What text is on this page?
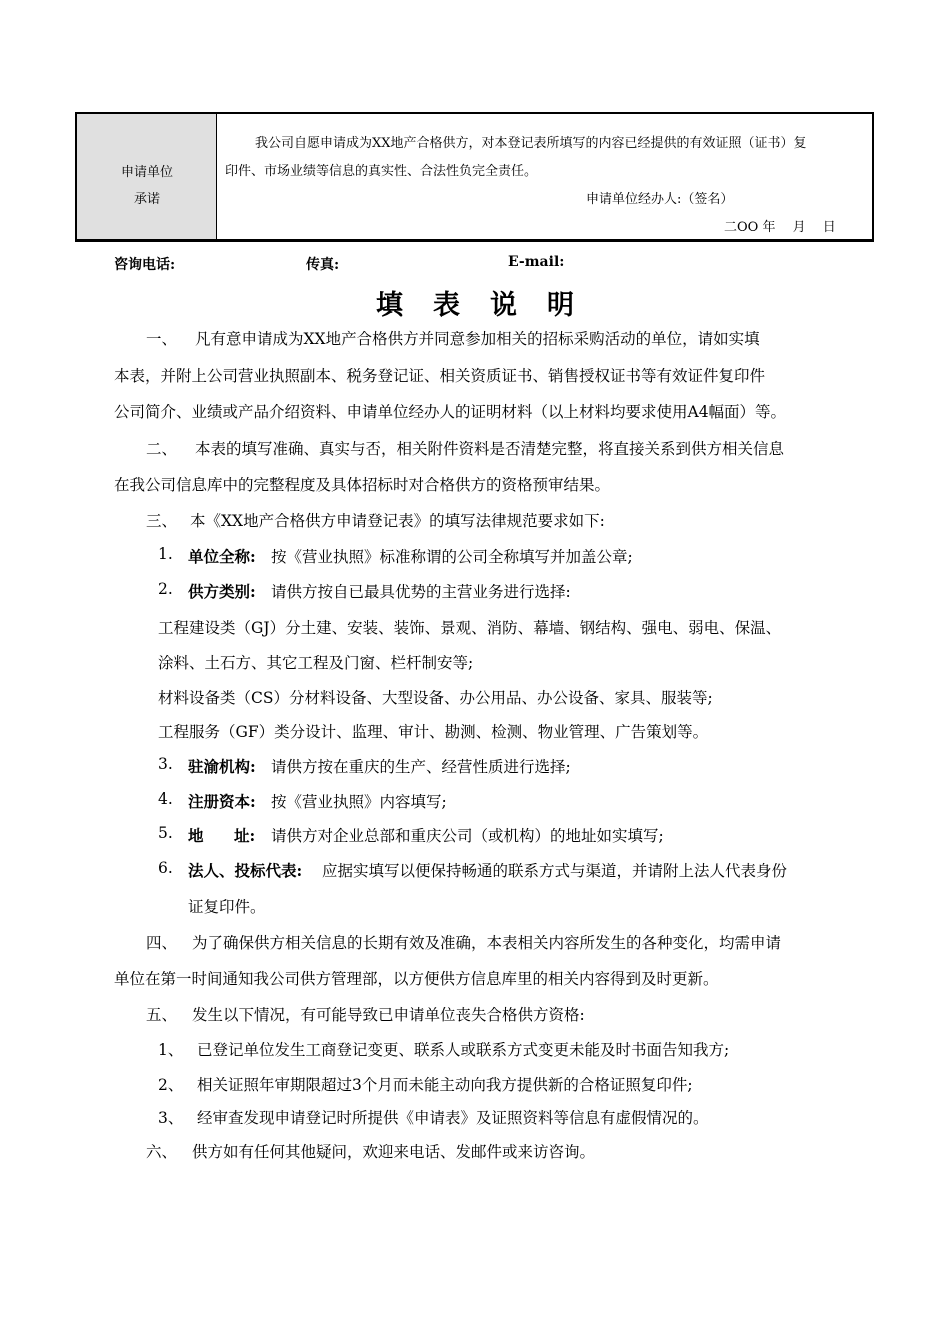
申请单位
承诺
我公司自愿申请成为XX地产合格供方，对本登记表所填写的内容已经提供的有效证照（证书）复
印件、市场业绩等信息的真实性、合法性负完全责任。
申请单位经办人:（签名）
二OO 年　 月　 日
咨询电话:	传真:	E-mail:
填表说明
一、 凡有意申请成为XX地产合格供方并同意参加相关的招标采购活动的单位，请如实填
本表，并附上公司营业执照副本、税务登记证、相关资质证书、销售授权证书等有效证件复印件
公司简介、业绩或产品介绍资料、申请单位经办人的证明材料（以上材料均要求使用A4幅面）等。
二、 本表的填写准确、真实与否，相关附件资料是否清楚完整，将直接关系到供方相关信息
在我公司信息库中的完整程度及具体招标时对合格供方的资格预审结果。
三、 本《XX地产合格供方申请登记表》的填写法律规范要求如下:
1. 单位全称: 按《营业执照》标准称谓的公司全称填写并加盖公章;
2. 供方类别: 请供方按自已最具优势的主营业务进行选择:
工程建设类（GJ）分土建、安装、装饰、景观、消防、幕墙、钢结构、强电、弱电、保温、
涂料、土石方、其它工程及门窗、栏杆制安等;
材料设备类（CS）分材料设备、大型设备、办公用品、办公设备、家具、服装等;
工程服务（GF）类分设计、监理、审计、勘测、检测、物业管理、广告策划等。
3. 驻渝机构: 请供方按在重庆的生产、经营性质进行选择;
4. 注册资本: 按《营业执照》内容填写;
5. 地 址: 请供方对企业总部和重庆公司（或机构）的地址如实填写;
6. 法人、投标代表: 应据实填写以便保持畅通的联系方式与渠道，并请附上法人代表身份
证复印件。
四、 为了确保供方相关信息的长期有效及准确，本表相关内容所发生的各种变化，均需申请
单位在第一时间通知我公司供方管理部，以方便供方信息库里的相关内容得到及时更新。
五、 发生以下情况，有可能导致已申请单位丧失合格供方资格:
1、 已登记单位发生工商登记变更、联系人或联系方式变更未能及时书面告知我方;
2、 相关证照年审期限超过3个月而未能主动向我方提供新的合格证照复印件;
3、 经审查发现申请登记时所提供《申请表》及证照资料等信息有虚假情况的。
六、 供方如有任何其他疑问，欢迎来电话、发邮件或来访咨询。
